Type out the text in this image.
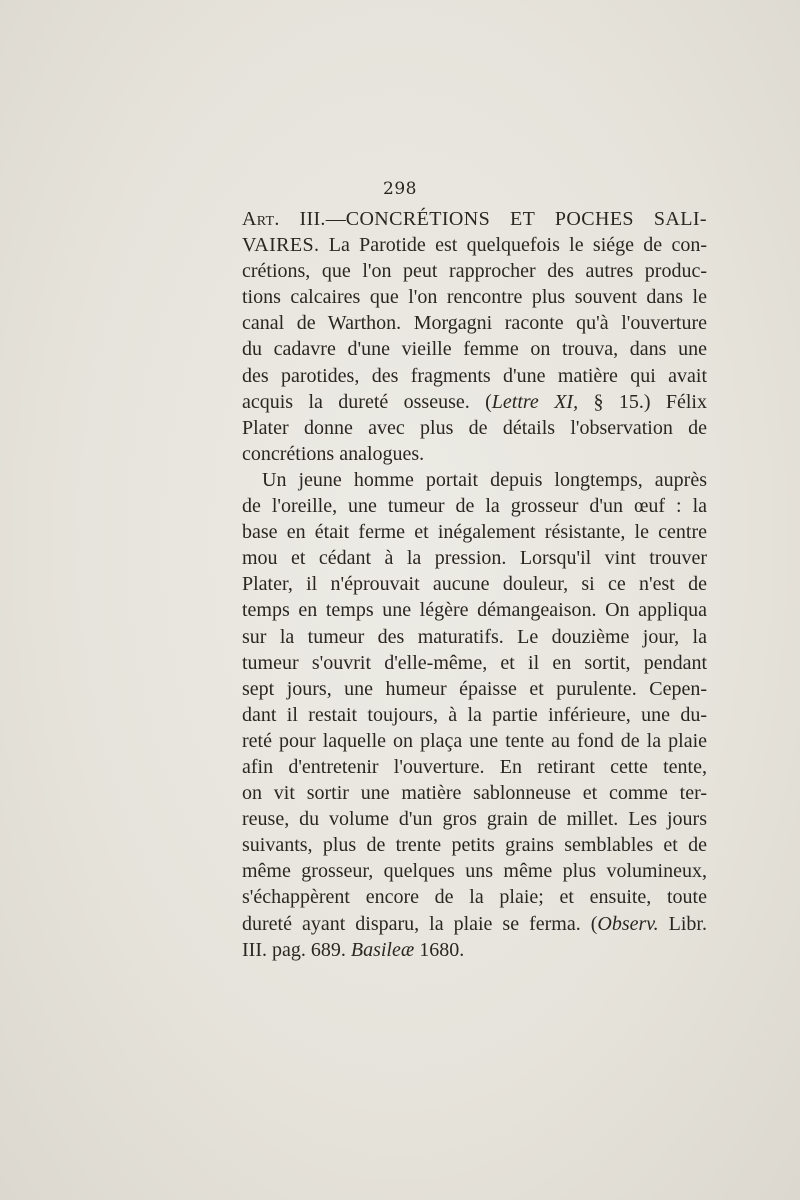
298
Art. III.—CONCRÉTIONS ET POCHES SALI-
VAIRES. La Parotide est quelquefois le siége de con-
crétions, que l'on peut rapprocher des autres produc-
tions calcaires que l'on rencontre plus souvent dans le
canal de Warthon. Morgagni raconte qu'à l'ouverture
du cadavre d'une vieille femme on trouva, dans une
des parotides, des fragments d'une matière qui avait
acquis la dureté osseuse. (Lettre XI, § 15.) Félix
Plater donne avec plus de détails l'observation de
concrétions analogues.
Un jeune homme portait depuis longtemps, auprès
de l'oreille, une tumeur de la grosseur d'un œuf : la
base en était ferme et inégalement résistante, le centre
mou et cédant à la pression. Lorsqu'il vint trouver
Plater, il n'éprouvait aucune douleur, si ce n'est de
temps en temps une légère démangeaison. On appliqua
sur la tumeur des maturatifs. Le douzième jour, la
tumeur s'ouvrit d'elle-même, et il en sortit, pendant
sept jours, une humeur épaisse et purulente. Cepen-
dant il restait toujours, à la partie inférieure, une du-
reté pour laquelle on plaça une tente au fond de la plaie
afin d'entretenir l'ouverture. En retirant cette tente,
on vit sortir une matière sablonneuse et comme ter-
reuse, du volume d'un gros grain de millet. Les jours
suivants, plus de trente petits grains semblables et de
même grosseur, quelques uns même plus volumineux,
s'échappèrent encore de la plaie; et ensuite, toute
dureté ayant disparu, la plaie se ferma. (Observ. Libr.
III. pag. 689. Basileæ 1680.
